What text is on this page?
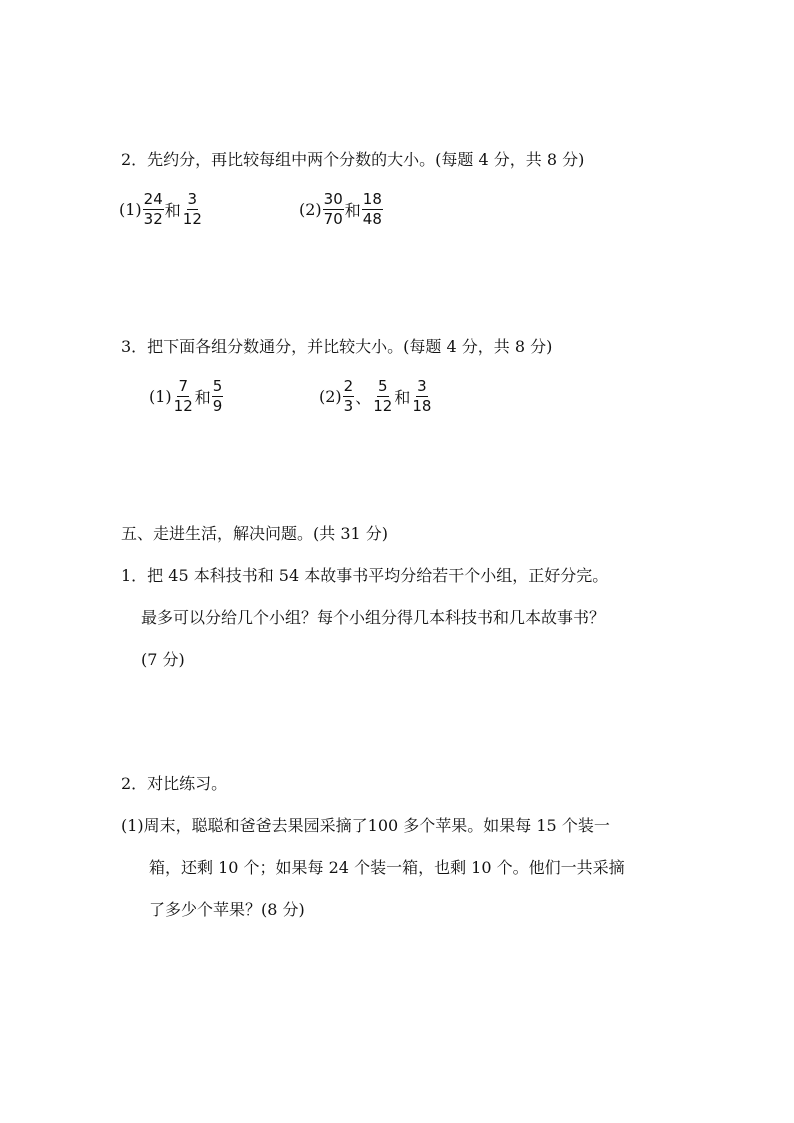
2．先约分，再比较每组中两个分数的大小。(每题 4 分，共 8 分)
$(1) \frac{24}{32}$ 和 $\frac{3}{12}$	$(2) \frac{30}{70}$ 和 $\frac{18}{48}$
3．把下面各组分数通分，并比较大小。(每题 4 分，共 8 分)
$(1) \frac{7}{12}$ 和 $\frac{5}{9}$	$(2) \frac{2}{3}$ 、 $\frac{5}{12}$ 和 $\frac{3}{18}$
五、走进生活，解决问题。(共 31 分)
1．把 45 本科技书和 54 本故事书平均分给若干个小组，正好分完。
最多可以分给几个小组？每个小组分得几本科技书和几本故事书？
(7 分)
2．对比练习。
(1)周末，聪聪和爸爸去果园采摘了100 多个苹果。如果每 15 个装一
箱，还剩 10 个；如果每 24 个装一箱，也剩 10 个。他们一共采摘
了多少个苹果？(8 分)
